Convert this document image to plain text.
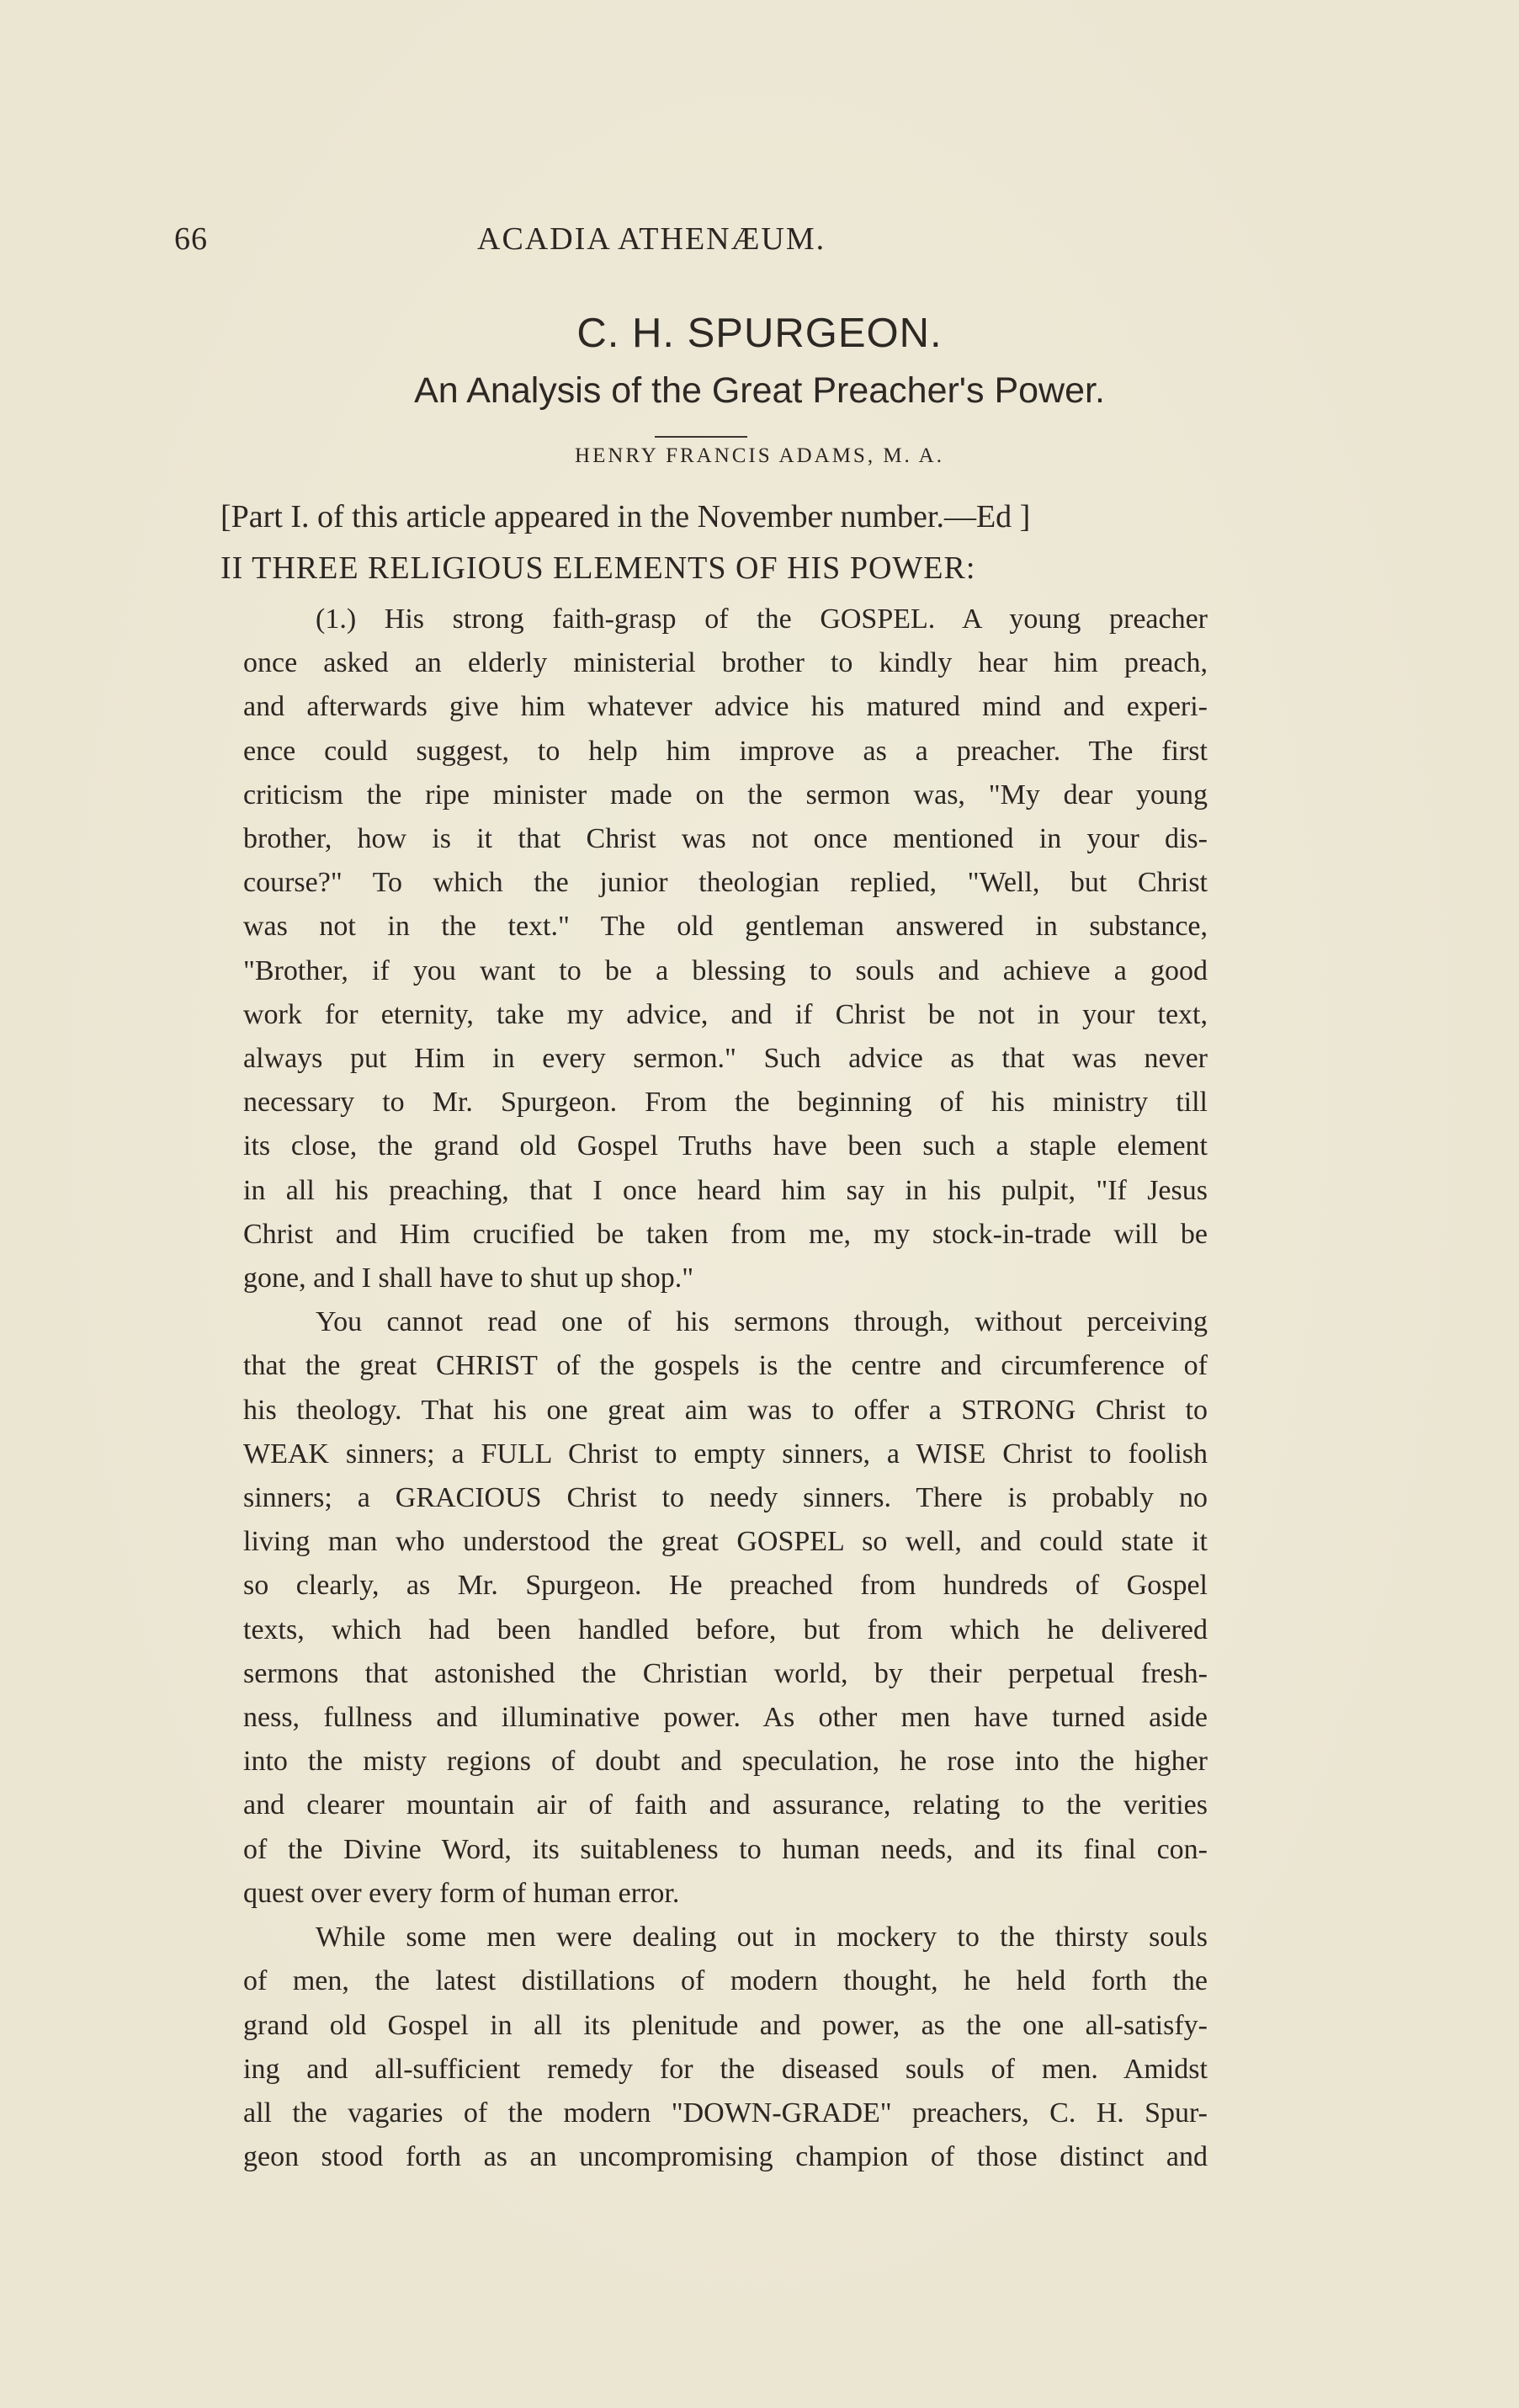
66	ACADIA ATHENÆUM.
C. H. SPURGEON.
An Analysis of the Great Preacher's Power.
HENRY FRANCIS ADAMS, M. A.
[Part I. of this article appeared in the November number.—Ed ]
II THREE RELIGIOUS ELEMENTS OF HIS POWER:
(1.) His strong faith-grasp of the GOSPEL. A young preacher
once asked an elderly ministerial brother to kindly hear him preach,
and afterwards give him whatever advice his matured mind and experi-
ence could suggest, to help him improve as a preacher. The first
criticism the ripe minister made on the sermon was, "My dear young
brother, how is it that Christ was not once mentioned in your dis-
course?" To which the junior theologian replied, "Well, but Christ
was not in the text." The old gentleman answered in substance,
"Brother, if you want to be a blessing to souls and achieve a good
work for eternity, take my advice, and if Christ be not in your text,
always put Him in every sermon." Such advice as that was never
necessary to Mr. Spurgeon. From the beginning of his ministry till
its close, the grand old Gospel Truths have been such a staple element
in all his preaching, that I once heard him say in his pulpit, "If Jesus
Christ and Him crucified be taken from me, my stock-in-trade will be
gone, and I shall have to shut up shop."
You cannot read one of his sermons through, without perceiving
that the great CHRIST of the gospels is the centre and circumference of
his theology. That his one great aim was to offer a STRONG Christ to
WEAK sinners; a FULL Christ to empty sinners, a WISE Christ to foolish
sinners; a GRACIOUS Christ to needy sinners. There is probably no
living man who understood the great GOSPEL so well, and could state it
so clearly, as Mr. Spurgeon. He preached from hundreds of Gospel
texts, which had been handled before, but from which he delivered
sermons that astonished the Christian world, by their perpetual fresh-
ness, fullness and illuminative power. As other men have turned aside
into the misty regions of doubt and speculation, he rose into the higher
and clearer mountain air of faith and assurance, relating to the verities
of the Divine Word, its suitableness to human needs, and its final con-
quest over every form of human error.
While some men were dealing out in mockery to the thirsty souls
of men, the latest distillations of modern thought, he held forth the
grand old Gospel in all its plenitude and power, as the one all-satisfy-
ing and all-sufficient remedy for the diseased souls of men. Amidst
all the vagaries of the modern "DOWN-GRADE" preachers, C. H. Spur-
geon stood forth as an uncompromising champion of those distinct and
